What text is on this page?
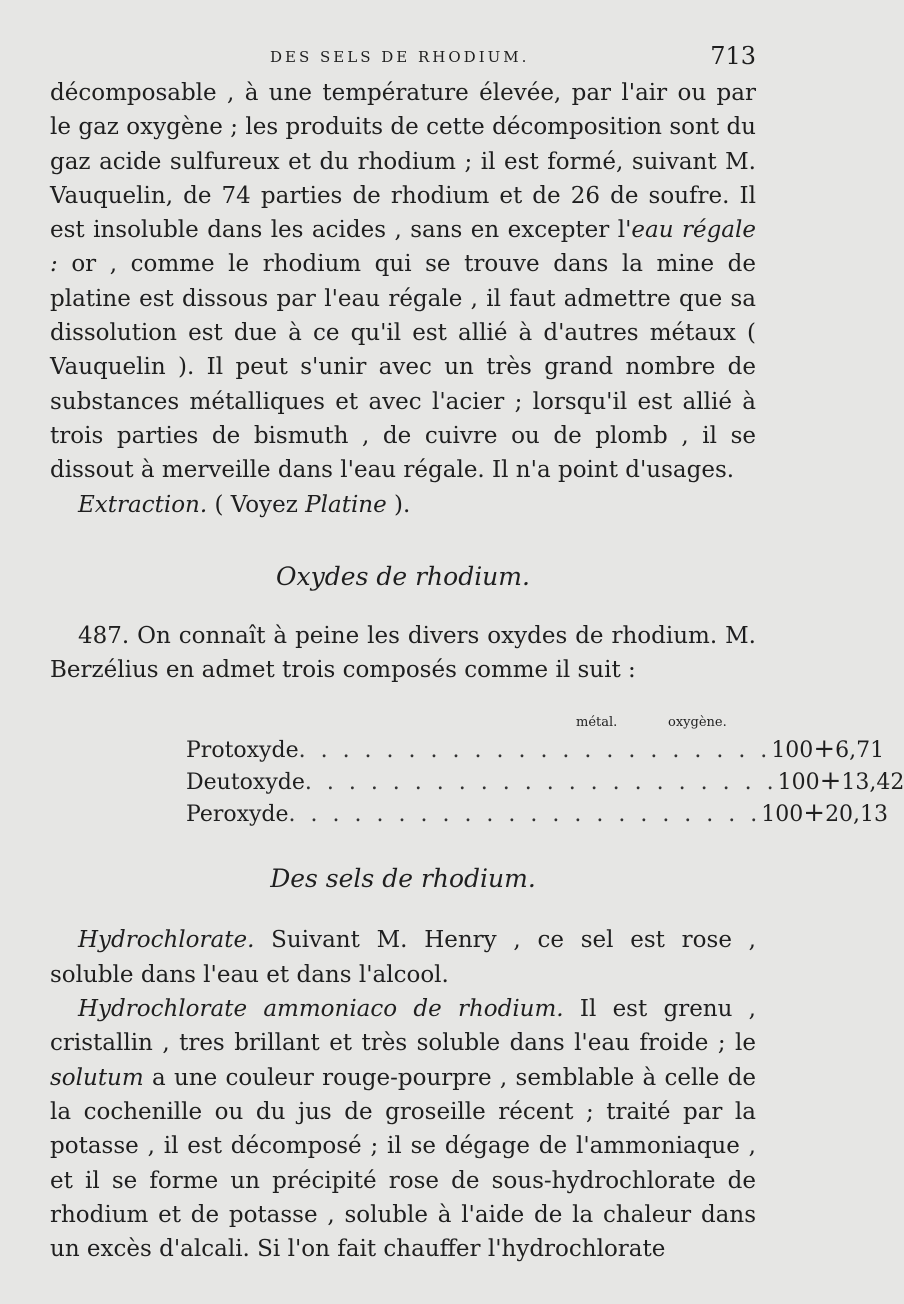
DES SELS DE RHODIUM.	713

décomposable , à une température élevée, par l'air ou par le gaz oxygène ; les produits de cette décomposition sont du gaz acide sulfureux et du rhodium ; il est formé, suivant M. Vauquelin, de 74 parties de rhodium et de 26 de soufre. Il est insoluble dans les acides , sans en excepter l'eau régale : or , comme le rhodium qui se trouve dans la mine de platine est dissous par l'eau régale , il faut admettre que sa dissolution est due à ce qu'il est allié à d'autres métaux ( Vauquelin ). Il peut s'unir avec un très grand nombre de substances métalliques et avec l'acier ; lorsqu'il est allié à trois parties de bismuth , de cuivre ou de plomb , il se dissout à merveille dans l'eau régale. Il n'a point d'usages.

Extraction. ( Voyez Platine ).

Oxydes de rhodium.

487. On connaît à peine les divers oxydes de rhodium. M. Berzélius en admet trois composés comme il suit :

métal.	oxygène.
Protoxyde . . . . . . . . . . . . . . . . . . . . . . 100 + 6,71
Deutoxyde . . . . . . . . . . . . . . . . . . . . . . 100 + 13,42
Peroxyde . . . . . . . . . . . . . . . . . . . . . . 100 + 20,13
Des sels de rhodium.

Hydrochlorate. Suivant M. Henry , ce sel est rose , soluble dans l'eau et dans l'alcool.

Hydrochlorate ammoniaco de rhodium. Il est grenu , cristallin , tres brillant et très soluble dans l'eau froide ; le solutum a une couleur rouge-pourpre , semblable à celle de la cochenille ou du jus de groseille récent ; traité par la potasse , il est décomposé ; il se dégage de l'ammoniaque , et il se forme un précipité rose de sous-hydrochlorate de rhodium et de potasse , soluble à l'aide de la chaleur dans un excès d'alcali. Si l'on fait chauffer l'hydrochlorate
